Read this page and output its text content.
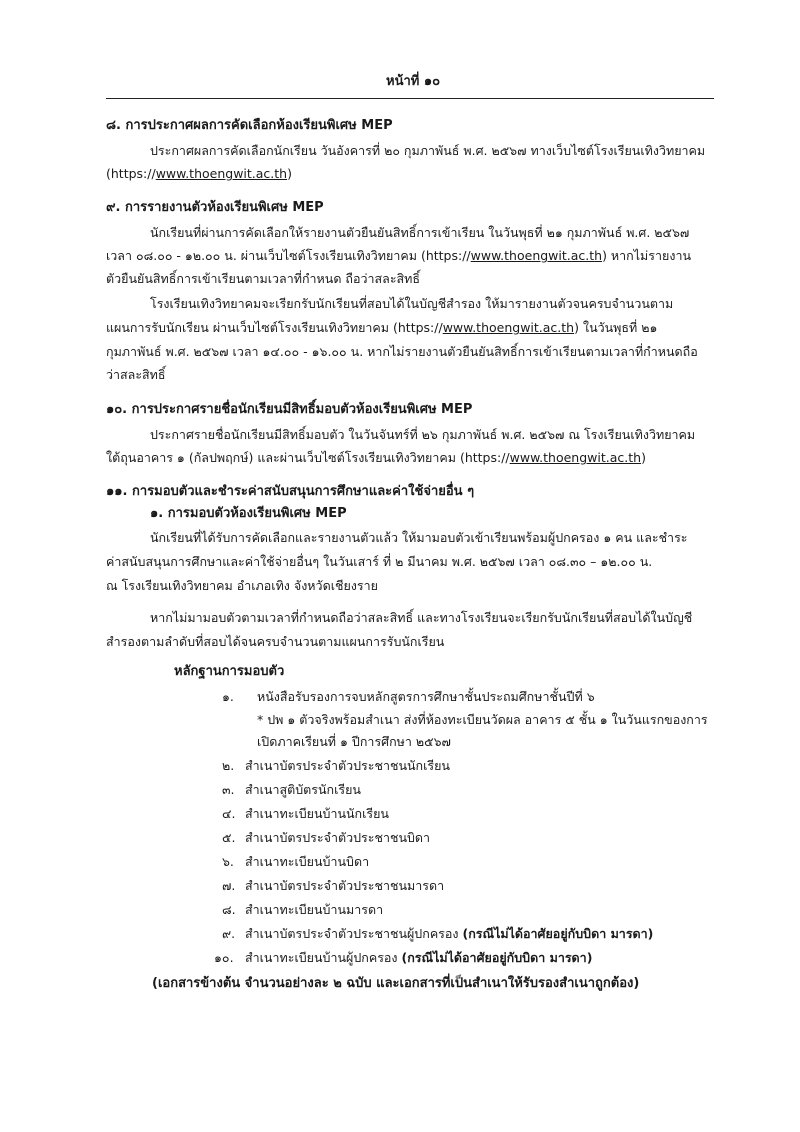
หน้าที่ ๑๐
๘. การประกาศผลการคัดเลือกห้องเรียนพิเศษ MEP
ประกาศผลการคัดเลือกนักเรียน วันอังคารที่ ๒๐ กุมภาพันธ์ พ.ศ. ๒๕๖๗ ทางเว็บไซต์โรงเรียนเทิงวิทยาคม
(https://www.thoengwit.ac.th)
๙. การรายงานตัวห้องเรียนพิเศษ MEP
นักเรียนที่ผ่านการคัดเลือกให้รายงานตัวยืนยันสิทธิ์การเข้าเรียน ในวันพุธที่ ๒๑ กุมภาพันธ์ พ.ศ. ๒๕๖๗
เวลา ๐๘.๐๐ - ๑๒.๐๐ น. ผ่านเว็บไซต์โรงเรียนเทิงวิทยาคม (https://www.thoengwit.ac.th) หากไม่รายงาน
ตัวยืนยันสิทธิ์การเข้าเรียนตามเวลาที่กำหนด ถือว่าสละสิทธิ์
โรงเรียนเทิงวิทยาคมจะเรียกรับนักเรียนที่สอบได้ในบัญชีสำรอง ให้มารายงานตัวจนครบจำนวนตาม
แผนการรับนักเรียน ผ่านเว็บไซต์โรงเรียนเทิงวิทยาคม (https://www.thoengwit.ac.th) ในวันพุธที่ ๒๑
กุมภาพันธ์ พ.ศ. ๒๕๖๗ เวลา ๑๔.๐๐ - ๑๖.๐๐ น. หากไม่รายงานตัวยืนยันสิทธิ์การเข้าเรียนตามเวลาที่กำหนดถือ
ว่าสละสิทธิ์
๑๐. การประกาศรายชื่อนักเรียนมีสิทธิ์มอบตัวห้องเรียนพิเศษ MEP
ประกาศรายชื่อนักเรียนมีสิทธิ์มอบตัว ในวันจันทร์ที่ ๒๖ กุมภาพันธ์ พ.ศ. ๒๕๖๗ ณ โรงเรียนเทิงวิทยาคม
ใต้ถุนอาคาร ๑ (กัลปพฤกษ์) และผ่านเว็บไซต์โรงเรียนเทิงวิทยาคม (https://www.thoengwit.ac.th)
๑๑. การมอบตัวและชำระค่าสนับสนุนการศึกษาและค่าใช้จ่ายอื่น ๆ
๑. การมอบตัวห้องเรียนพิเศษ MEP
นักเรียนที่ได้รับการคัดเลือกและรายงานตัวแล้ว ให้มามอบตัวเข้าเรียนพร้อมผู้ปกครอง ๑ คน และชำระ
ค่าสนับสนุนการศึกษาและค่าใช้จ่ายอื่นๆ ในวันเสาร์ ที่ ๒ มีนาคม พ.ศ. ๒๕๖๗ เวลา ๐๘.๓๐ – ๑๒.๐๐ น.
ณ โรงเรียนเทิงวิทยาคม อำเภอเทิง จังหวัดเชียงราย
หากไม่มามอบตัวตามเวลาที่กำหนดถือว่าสละสิทธิ์ และทางโรงเรียนจะเรียกรับนักเรียนที่สอบได้ในบัญชี
สำรองตามลำดับที่สอบได้จนครบจำนวนตามแผนการรับนักเรียน
หลักฐานการมอบตัว
๑. หนังสือรับรองการจบหลักสูตรการศึกษาชั้นประถมศึกษาชั้นปีที่ ๖
* ปพ ๑ ตัวจริงพร้อมสำเนา ส่งที่ห้องทะเบียนวัดผล อาคาร ๕ ชั้น ๑ ในวันแรกของการ
เปิดภาคเรียนที่ ๑ ปีการศึกษา ๒๕๖๗
๒. สำเนาบัตรประจำตัวประชาชนนักเรียน
๓. สำเนาสูติบัตรนักเรียน
๔. สำเนาทะเบียนบ้านนักเรียน
๕. สำเนาบัตรประจำตัวประชาชนบิดา
๖. สำเนาทะเบียนบ้านบิดา
๗. สำเนาบัตรประจำตัวประชาชนมารดา
๘. สำเนาทะเบียนบ้านมารดา
๙. สำเนาบัตรประจำตัวประชาชนผู้ปกครอง (กรณีไม่ได้อาศัยอยู่กับบิดา มารดา)
๑๐. สำเนาทะเบียนบ้านผู้ปกครอง (กรณีไม่ได้อาศัยอยู่กับบิดา มารดา)
(เอกสารข้างต้น จำนวนอย่างละ ๒ ฉบับ และเอกสารที่เป็นสำเนาให้รับรองสำเนาถูกต้อง)
